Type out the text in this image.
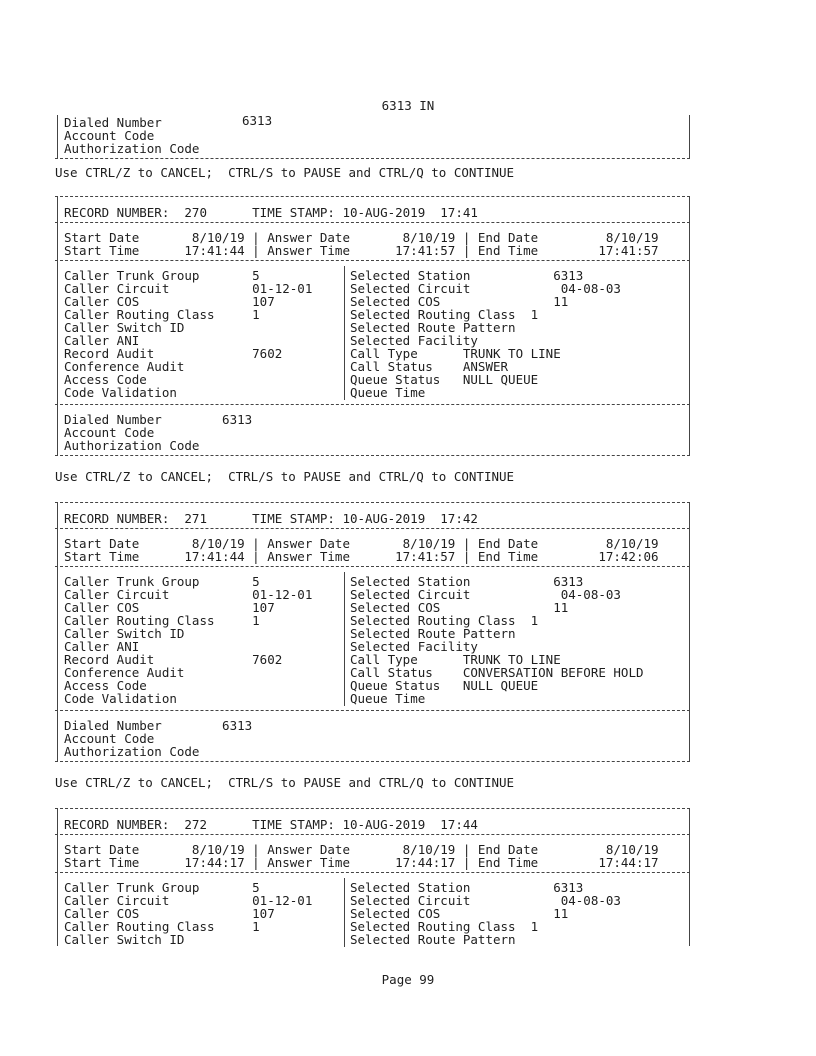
6313 IN
Dialed Number	6313
Account Code
Authorization Code
Use CTRL/Z to CANCEL;  CTRL/S to PAUSE and CTRL/Q to CONTINUE
RECORD NUMBER:  270      TIME STAMP: 10-AUG-2019  17:41
Start Date       8/10/19 | Answer Date       8/10/19 | End Date         8/10/19
Start Time      17:41:44 | Answer Time      17:41:57 | End Time        17:41:57
Caller Trunk Group       5
Caller Circuit           01-12-01
Caller COS               107
Caller Routing Class     1
Caller Switch ID
Caller ANI
Record Audit             7602
Conference Audit
Access Code
Code Validation
Selected Station           6313
Selected Circuit            04-08-03
Selected COS               11
Selected Routing Class  1
Selected Route Pattern
Selected Facility
Call Type      TRUNK TO LINE
Call Status    ANSWER
Queue Status   NULL QUEUE
Queue Time
Dialed Number        6313
Account Code
Authorization Code
Use CTRL/Z to CANCEL;  CTRL/S to PAUSE and CTRL/Q to CONTINUE
RECORD NUMBER:  271      TIME STAMP: 10-AUG-2019  17:42
Start Date       8/10/19 | Answer Date       8/10/19 | End Date         8/10/19
Start Time      17:41:44 | Answer Time      17:41:57 | End Time        17:42:06
Caller Trunk Group       5
Caller Circuit           01-12-01
Caller COS               107
Caller Routing Class     1
Caller Switch ID
Caller ANI
Record Audit             7602
Conference Audit
Access Code
Code Validation
Selected Station           6313
Selected Circuit            04-08-03
Selected COS               11
Selected Routing Class  1
Selected Route Pattern
Selected Facility
Call Type      TRUNK TO LINE
Call Status    CONVERSATION BEFORE HOLD
Queue Status   NULL QUEUE
Queue Time
Dialed Number        6313
Account Code
Authorization Code
Use CTRL/Z to CANCEL;  CTRL/S to PAUSE and CTRL/Q to CONTINUE
RECORD NUMBER:  272      TIME STAMP: 10-AUG-2019  17:44
Start Date       8/10/19 | Answer Date       8/10/19 | End Date         8/10/19
Start Time      17:44:17 | Answer Time      17:44:17 | End Time        17:44:17
Caller Trunk Group       5
Caller Circuit           01-12-01
Caller COS               107
Caller Routing Class     1
Caller Switch ID
Selected Station           6313
Selected Circuit            04-08-03
Selected COS               11
Selected Routing Class  1
Selected Route Pattern
Page 99
